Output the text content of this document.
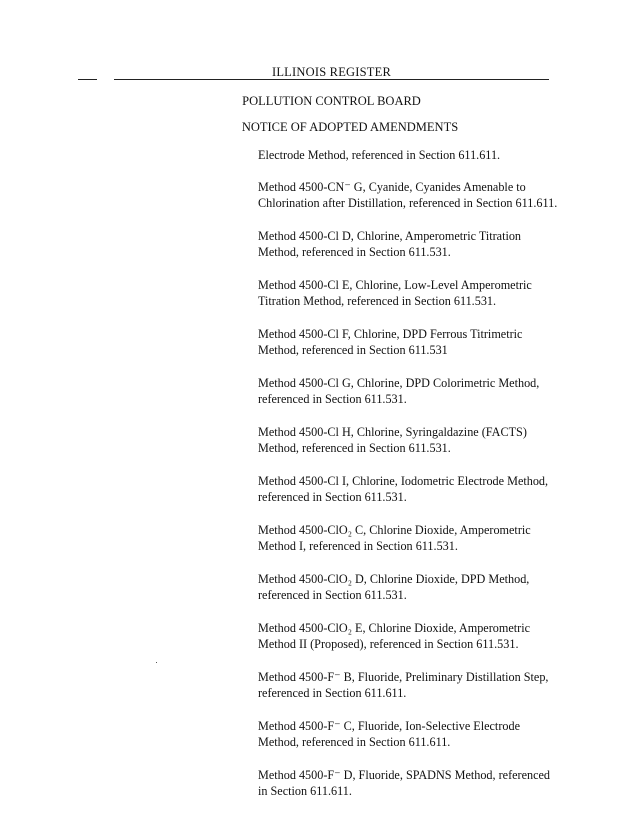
ILLINOIS REGISTER
POLLUTION CONTROL BOARD
NOTICE OF ADOPTED AMENDMENTS

Electrode Method, referenced in Section 611.611.

Method 4500-CN⁻ G, Cyanide, Cyanides Amenable to Chlorination after Distillation, referenced in Section 611.611.

Method 4500-Cl D, Chlorine, Amperometric Titration Method, referenced in Section 611.531.

Method 4500-Cl E, Chlorine, Low-Level Amperometric Titration Method, referenced in Section 611.531.

Method 4500-Cl F, Chlorine, DPD Ferrous Titrimetric Method, referenced in Section 611.531

Method 4500-Cl G, Chlorine, DPD Colorimetric Method, referenced in Section 611.531.

Method 4500-Cl H, Chlorine, Syringaldazine (FACTS) Method, referenced in Section 611.531.

Method 4500-Cl I, Chlorine, Iodometric Electrode Method, referenced in Section 611.531.

Method 4500-ClO₂ C, Chlorine Dioxide, Amperometric Method I, referenced in Section 611.531.

Method 4500-ClO₂ D, Chlorine Dioxide, DPD Method, referenced in Section 611.531.

Method 4500-ClO₂ E, Chlorine Dioxide, Amperometric Method II (Proposed), referenced in Section 611.531.

Method 4500-F⁻ B, Fluoride, Preliminary Distillation Step, referenced in Section 611.611.

Method 4500-F⁻ C, Fluoride, Ion-Selective Electrode Method, referenced in Section 611.611.

Method 4500-F⁻ D, Fluoride, SPADNS Method, referenced in Section 611.611.
